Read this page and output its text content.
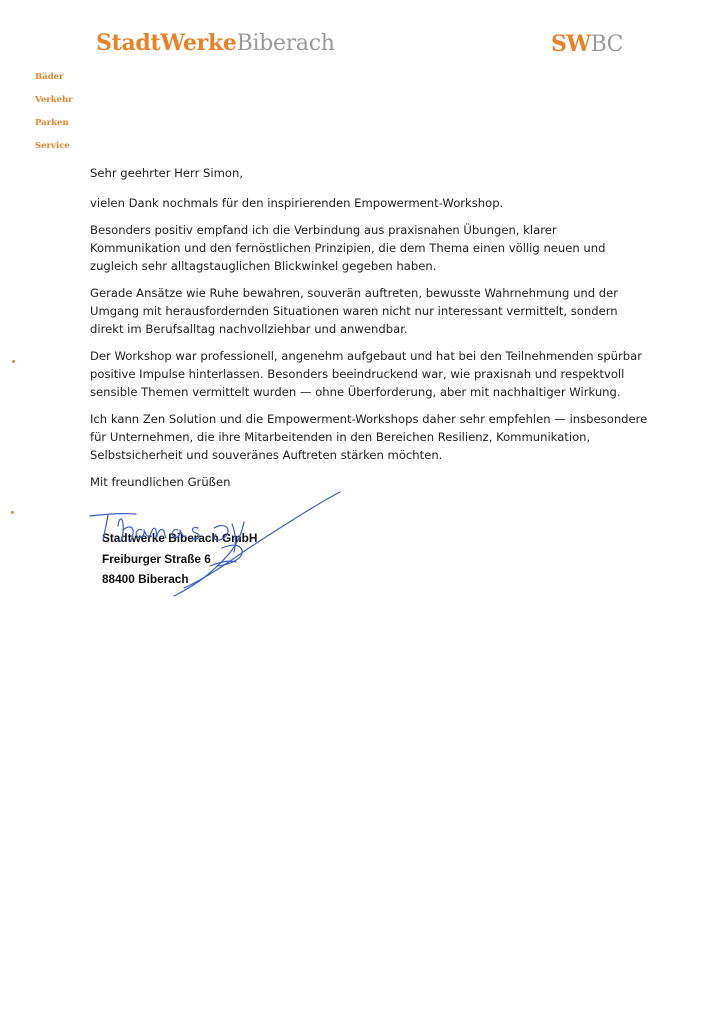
StadtWerkeBiberach	SWBC
Bäder
Verkehr
Parken
Service

Sehr geehrter Herr Simon,

vielen Dank nochmals für den inspirierenden Empowerment-Workshop.

Besonders positiv empfand ich die Verbindung aus praxisnahen Übungen, klarer Kommunikation und den fernöstlichen Prinzipien, die dem Thema einen völlig neuen und zugleich sehr alltagstauglichen Blickwinkel gegeben haben.

Gerade Ansätze wie Ruhe bewahren, souverän auftreten, bewusste Wahrnehmung und der Umgang mit herausfordernden Situationen waren nicht nur interessant vermittelt, sondern direkt im Berufsalltag nachvollziehbar und anwendbar.

Der Workshop war professionell, angenehm aufgebaut und hat bei den Teilnehmenden spürbar positive Impulse hinterlassen. Besonders beeindruckend war, wie praxisnah und respektvoll sensible Themen vermittelt wurden — ohne Überforderung, aber mit nachhaltiger Wirkung.

Ich kann Zen Solution und die Empowerment-Workshops daher sehr empfehlen — insbesondere für Unternehmen, die ihre Mitarbeitenden in den Bereichen Resilienz, Kommunikation, Selbstsicherheit und souveränes Auftreten stärken möchten.

Mit freundlichen Grüßen

Stadtwerke Biberach GmbH
Freiburger Straße 6
88400 Biberach
